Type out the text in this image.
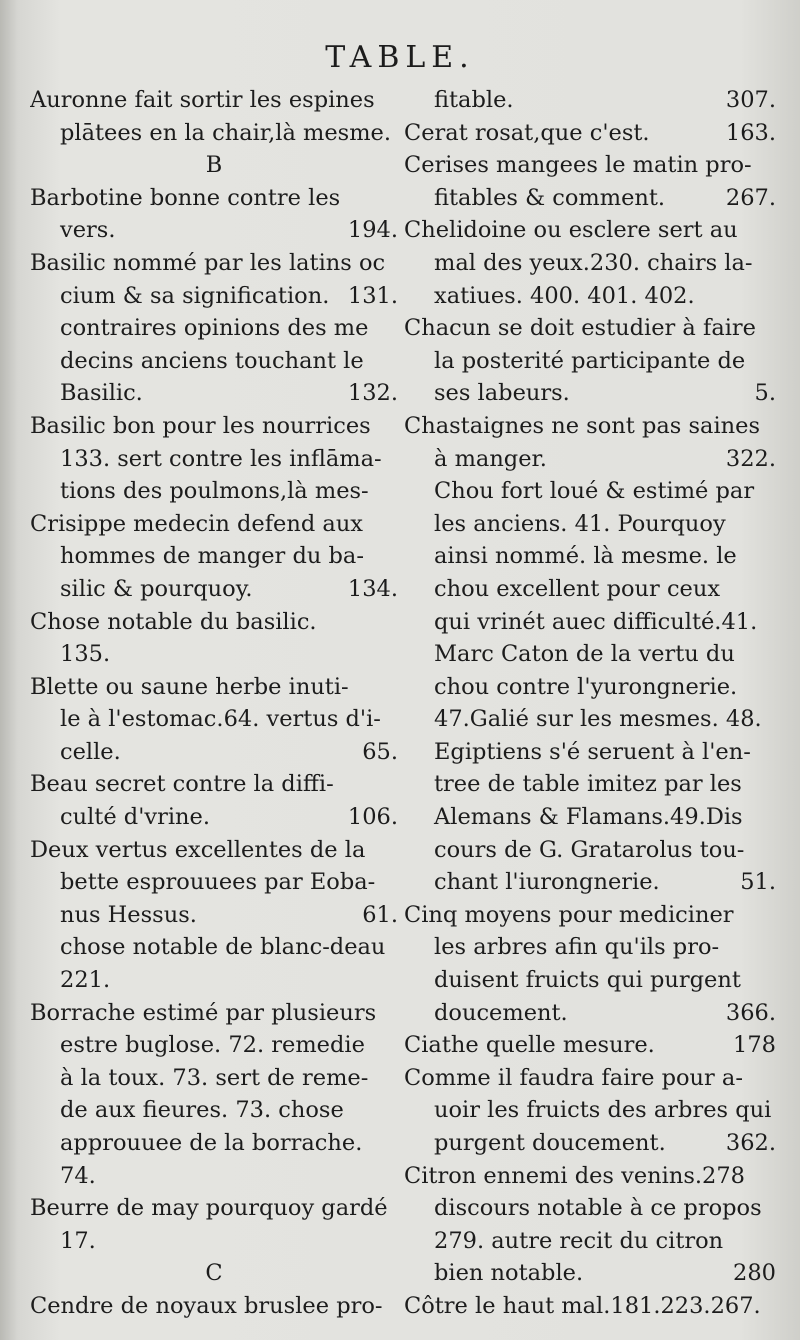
TABLE.
Auronne fait sortir les espines
plātees en la chair,là mesme.
B
Barbotine bonne contre les
vers.	194.
Basilic nommé par les latins oc
cium & sa signification. 131.
contraires opinions des me
decins anciens touchant le
Basilic.	132.
Basilic bon pour les nourrices
133. sert contre les inflāma-
tions des poulmons,là mes-
Crisippe medecin defend aux
hommes de manger du ba-
silic & pourquoy.	134.
Chose notable du basilic.
135.
Blette ou saune herbe inuti-
le à l'estomac.64. vertus d'i-
celle.	65.
Beau secret contre la diffi-
culté d'vrine.	106.
Deux vertus excellentes de la
bette esprouuees par Eoba-
nus Hessus.	61.
chose notable de blanc-deau
221.
Borrache estimé par plusieurs
estre buglose. 72. remedie
à la toux. 73. sert de reme-
de aux fieures. 73. chose
approuuee de la borrache.
74.
Beurre de may pourquoy gardé
17.
C
Cendre de noyaux bruslee pro-
fitable.	307.
Cerat rosat,que c'est.	163.
Cerises mangees le matin pro-
fitables & comment.	267.
Chelidoine ou esclere sert au
mal des yeux.230. chairs la-
xatiues. 400. 401. 402.
Chacun se doit estudier à faire
la posterité participante de
ses labeurs.	5.
Chastaignes ne sont pas saines
à manger.	322.
Chou fort loué & estimé par
les anciens. 41. Pourquoy
ainsi nommé. là mesme. le
chou excellent pour ceux
qui vrinét auec difficulté.41.
Marc Caton de la vertu du
chou contre l'yurongnerie.
47.Galié sur les mesmes. 48.
Egiptiens s'é seruent à l'en-
tree de table imitez par les
Alemans & Flamans.49.Dis
cours de G. Gratarolus tou-
chant l'iurongnerie.	51.
Cinq moyens pour mediciner
les arbres afin qu'ils pro-
duisent fruicts qui purgent
doucement.	366.
Ciathe quelle mesure.	178
Comme il faudra faire pour a-
uoir les fruicts des arbres qui
purgent doucement.	362.
Citron ennemi des venins.278
discours notable à ce propos
279. autre recit du citron
bien notable.	280
Côtre le haut mal.181.223.267.
